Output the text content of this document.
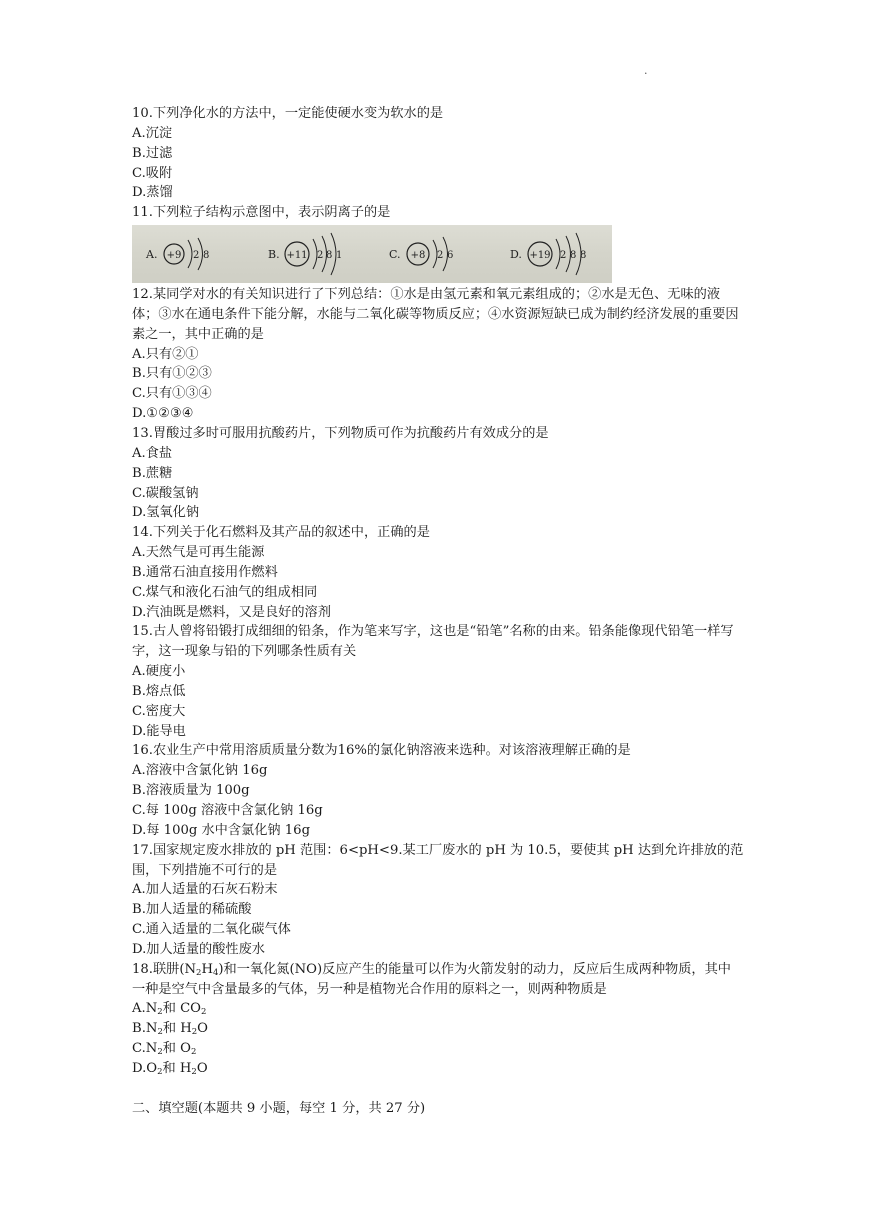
.
10.下列净化水的方法中，一定能使硬水变为软水的是
A.沉淀
B.过滤
C.吸附
D.蒸馏
11.下列粒子结构示意图中，表示阴离子的是
A. +9 2 8	B. +11 2 8 1	C. +8 2 6	D. +19 2 8 8
12.某同学对水的有关知识进行了下列总结：①水是由氢元素和氧元素组成的；②水是无色、无味的液体；③水在通电条件下能分解，水能与二氧化碳等物质反应；④水资源短缺已成为制约经济发展的重要因素之一，其中正确的是
A.只有②①
B.只有①②③
C.只有①③④
D.①②③④
13.胃酸过多时可服用抗酸药片，下列物质可作为抗酸药片有效成分的是
A.食盐
B.蔗糖
C.碳酸氢钠
D.氢氧化钠
14.下列关于化石燃料及其产品的叙述中，正确的是
A.天然气是可再生能源
B.通常石油直接用作燃料
C.煤气和液化石油气的组成相同
D.汽油既是燃料，又是良好的溶剂
15.古人曾将铅锻打成细细的铅条，作为笔来写字，这也是“铅笔”名称的由来。铅条能像现代铅笔一样写字，这一现象与铅的下列哪条性质有关
A.硬度小
B.熔点低
C.密度大
D.能导电
16.农业生产中常用溶质质量分数为16%的氯化钠溶液来选种。对该溶液理解正确的是
A.溶液中含氯化钠 16g
B.溶液质量为 100g
C.每 100g 溶液中含氯化钠 16g
D.每 100g 水中含氯化钠 16g
17.国家规定废水排放的 pH 范围：6<pH<9.某工厂废水的 pH 为 10.5，要使其 pH 达到允许排放的范围，下列措施不可行的是
A.加人适量的石灰石粉末
B.加人适量的稀硫酸
C.通入适量的二氧化碳气体
D.加人适量的酸性废水
18.联肼$(N_2H_4)$和一氧化氮(NO)反应产生的能量可以作为火箭发射的动力，反应后生成两种物质，其中一种是空气中含量最多的气体，另一种是植物光合作用的原料之一，则两种物质是
$A.N_2$和 $CO_2$
$B.N_2$和 $H_2O$
$C.N_2$和 $O_2$
$D.O_2$和 $H_2O$
二、填空题(本题共 9 小题，每空 1 分，共 27 分)
